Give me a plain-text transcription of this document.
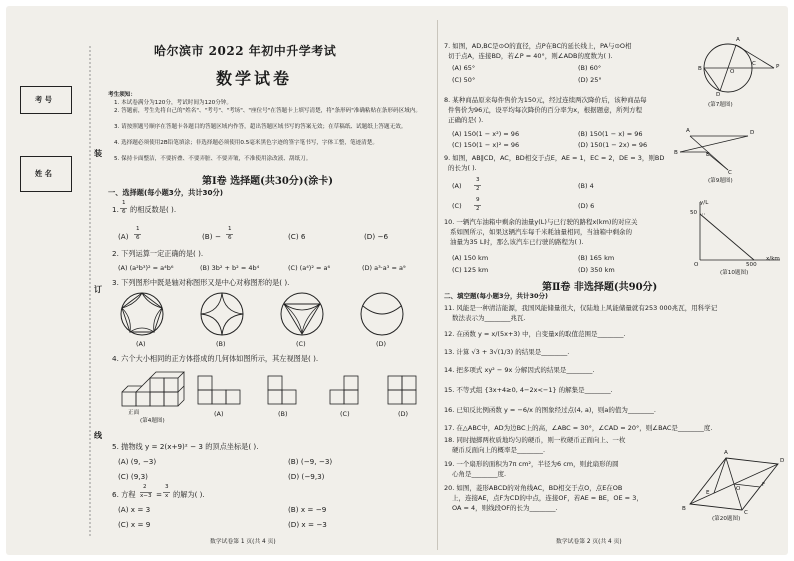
考 号
姓 名
装
订
线
哈尔滨市 2022 年初中升学考试
数学试卷
考生须知：
1. 本试卷满分为120分，考试时间为120分钟。
2. 答题前，考生先将自己的"姓名"、"考号"、"考场"、"座位号"在答题卡上填写清楚，将"条形码"准确粘贴在条形码区域内。
3. 请按照题号顺序在答题卡各题目的答题区域内作答，超出答题区域书写的答案无效；在草稿纸、试题纸上答题无效。
4. 选择题必须使用2B铅笔填涂；非选择题必须使用0.5毫米黑色字迹的签字笔书写，字体工整，笔迹清楚。
5. 保持卡面整洁，不要折叠、不要弄脏、不要弄皱，不准使用涂改液、刮纸刀。
第Ⅰ卷 选择题(共30分)(涂卡)
一、选择题(每小题3分，共计30分)
1.
1
6 的相反数是( ).
(A)
1
6	(B) −
1
6	(C) 6	(D) −6
2. 下列运算一定正确的是( ).
(A) (a²b³)² = a⁴b⁶	(B) 3b² + b² = 4b⁴	(C) (a⁴)² = a⁶	(D) a³·a³ = a⁹
3. 下列图形中既是轴对称图形又是中心对称图形的是( ).
(A)	(B)	(C)	(D)
4. 六个大小相同的正方体搭成的几何体如图所示，其左视图是( ).
正面
(第4题图)
(A)	(B)	(C)	(D)
5. 抛物线 y = 2(x+9)² − 3 的顶点坐标是( ).
(A) (9, −3)	(B) (−9, −3)
(C) (9,3)	(D) (−9,3)
6. 方程
2
x−3 =
3
x 的解为( ).
(A) x = 3	(B) x = −9
(C) x = 9	(D) x = −3
数学试卷第 1 页(共 4 页)
7. 如图，AD,BC是⊙O的直径，点P在BC的延长线上，PA与⊙O相
切于点A，连接BD，若∠P = 40°，则∠ADB的度数为( ).
(A) 65°	(B) 60°
(C) 50°	(D) 25°
A
B
C
D
O
P
(第7题图)
8. 某种商品原来每件售价为150元，经过连续两次降价后，该种商品每
件售价为96元，设平均每次降价的百分率为x，根据题意，所列方程
正确的是( ).
(A) 150(1 − x²) = 96	(B) 150(1 − x) = 96
(C) 150(1 − x)² = 96	(D) 150(1 − 2x) = 96
A
B
C
D
E
(第9题图)
9. 如图，AB∥CD，AC，BD相交于点E，AE = 1，EC = 2，DE = 3，则BD
的长为( ).
(A)
3
2	(B) 4
(C)
9
2	(D) 6
10. 一辆汽车油箱中剩余的油量y(L)与已行驶的路程x(km)的对应关
系如图所示，如果这辆汽车每千米耗油量相同，当油箱中剩余的
油量为35 L时，那么该汽车已行驶的路程为( ).
(A) 150 km	(B) 165 km
(C) 125 km	(D) 350 km
y/L
50
O	500
x/km
(第10题图)
第Ⅱ卷 非选择题(共90分)
二、填空题(每小题3分，共计30分)
11. 风能是一种清洁能源，我国风能储量很大，仅陆地上风能储量就有253 000兆瓦，用科学记
数法表示为________兆瓦.
12. 在函数 y = x/(5x+3) 中，自变量x的取值范围是________.
13. 计算 √3 + 3√(1/3) 的结果是________.
14. 把多项式 xy² − 9x 分解因式的结果是________.
15. 不等式组 {3x+4≥0, 4−2x<−1} 的解集是________.
16. 已知反比例函数 y = −6/x 的图象经过点(4, a)，则a的值为________.
17. 在△ABC中，AD为边BC上的高，∠ABC = 30°，∠CAD = 20°，则∠BAC是________度.
18. 同时抛掷两枚质地均匀的硬币，则一枚硬币正面向上、一枚
硬币反面向上的概率是________.
19. 一个扇形的面积为7π cm²，半径为6 cm，则此扇形的圆
心角是________度.
20. 如图，菱形ABCD的对角线AC，BD相交于点O，点E在OB
上，连接AE，点F为CD的中点，连接OF，若AE = BE，OE = 3，
OA = 4，则线段OF的长为________.
A
B
C
D
E
F
O
(第20题图)
数学试卷第 2 页(共 4 页)
